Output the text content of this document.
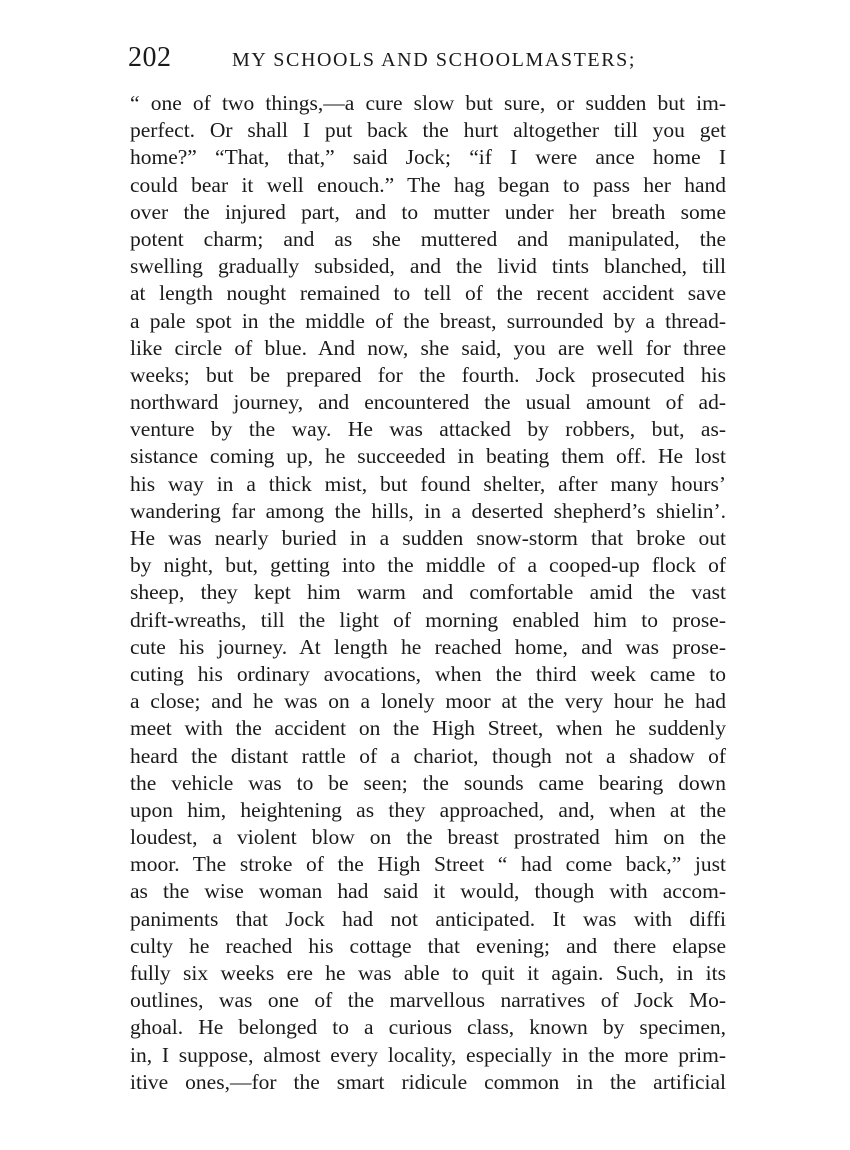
202	MY SCHOOLS AND SCHOOLMASTERS;
“ one of two things,—a cure slow but sure, or sudden but im-
perfect. Or shall I put back the hurt altogether till you get
home?” “That, that,” said Jock; “if I were ance home I
could bear it well enouch.” The hag began to pass her hand
over the injured part, and to mutter under her breath some
potent charm; and as she muttered and manipulated, the
swelling gradually subsided, and the livid tints blanched, till
at length nought remained to tell of the recent accident save
a pale spot in the middle of the breast, surrounded by a thread-
like circle of blue. And now, she said, you are well for three
weeks; but be prepared for the fourth. Jock prosecuted his
northward journey, and encountered the usual amount of ad-
venture by the way. He was attacked by robbers, but, as-
sistance coming up, he succeeded in beating them off. He lost
his way in a thick mist, but found shelter, after many hours’
wandering far among the hills, in a deserted shepherd’s shielin’.
He was nearly buried in a sudden snow-storm that broke out
by night, but, getting into the middle of a cooped-up flock of
sheep, they kept him warm and comfortable amid the vast
drift-wreaths, till the light of morning enabled him to prose-
cute his journey. At length he reached home, and was prose-
cuting his ordinary avocations, when the third week came to
a close; and he was on a lonely moor at the very hour he had
meet with the accident on the High Street, when he suddenly
heard the distant rattle of a chariot, though not a shadow of
the vehicle was to be seen; the sounds came bearing down
upon him, heightening as they approached, and, when at the
loudest, a violent blow on the breast prostrated him on the
moor. The stroke of the High Street “ had come back,” just
as the wise woman had said it would, though with accom-
paniments that Jock had not anticipated. It was with diffi
culty he reached his cottage that evening; and there elapse
fully six weeks ere he was able to quit it again. Such, in its
outlines, was one of the marvellous narratives of Jock Mo-
ghoal. He belonged to a curious class, known by specimen,
in, I suppose, almost every locality, especially in the more prim-
itive ones,—for the smart ridicule common in the artificial
